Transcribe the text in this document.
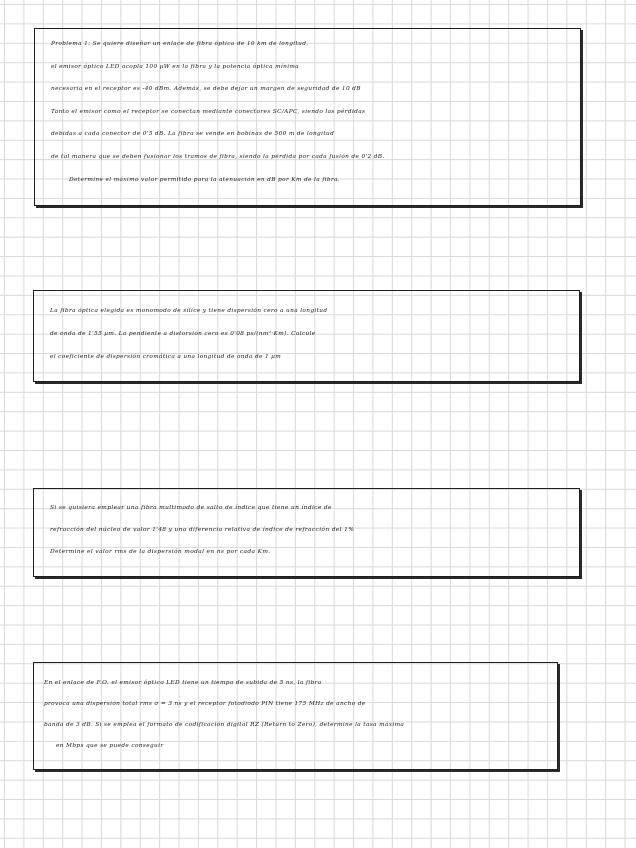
Problema 1: Se quiere diseñar un enlace de fibra óptica de 10 km de longitud,
el emisor óptico LED acopla 100 µW en la fibra y la potencia óptica mínima
necesaria en el receptor es -40 dBm. Además, se debe dejar un margen de seguridad de 10 dB
Tanto el emisor como el receptor se conectan mediante conectores SC/APC, siendo las pérdidas
debidas a cada conector de 0'5 dB. La fibra se vende en bobinas de 500 m de longitud
de tal manera que se deben fusionar los tramos de fibra, siendo la pérdida por cada fusión de 0'2 dB.
Determine el máximo valor permitido para la atenuación en dB por Km de la fibra.
La fibra óptica elegida es monomodo de sílice y tiene dispersión cero a una longitud
de onda de 1'55 µm. La pendiente a distorsión cero es 0'08 ps/(nm²·Km). Calcule
el coeficiente de dispersión cromática a una longitud de onda de 1 µm
Si se quisiera emplear una fibra multimodo de salto de índice que tiene un índice de
refracción del núcleo de valor 1'48 y una diferencia relativa de índice de refracción del 1%
Determine el valor rms de la dispersión modal en ns por cada Km.
En el enlace de F.O. el emisor óptico LED tiene un tiempo de subida de 5 ns, la fibra
provoca una dispersión total rms σ = 3 ns y el receptor fotodiodo PIN tiene 175 MHz de ancho de
banda de 3 dB. Si se emplea el formato de codificación digital RZ (Return to Zero), determine la tasa máxima
en Mbps que se puede conseguir
